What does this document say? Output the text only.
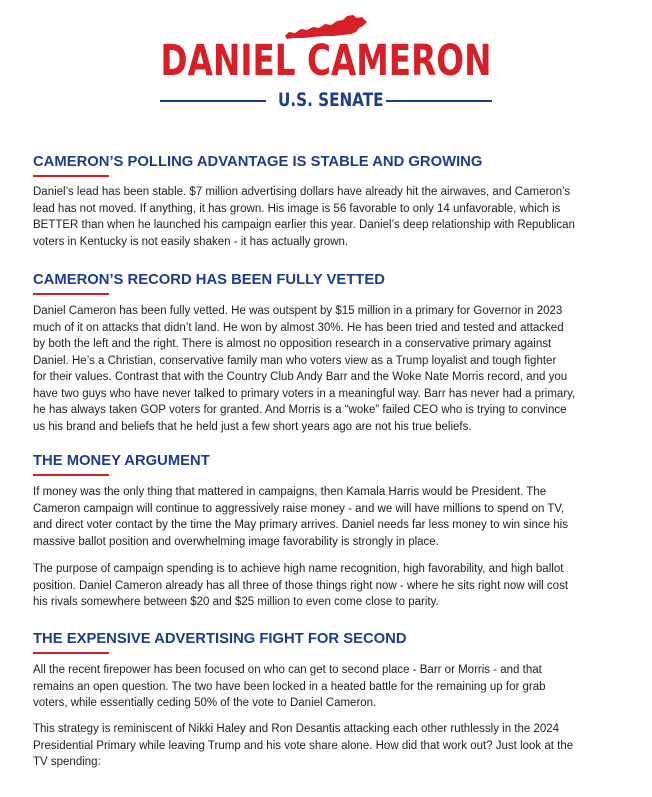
DANIEL CAMERON
U.S. SENATE
CAMERON’S POLLING ADVANTAGE IS STABLE AND GROWING

Daniel’s lead has been stable. $7 million advertising dollars have already hit the airwaves, and Cameron’s
lead has not moved. If anything, it has grown. His image is 56 favorable to only 14 unfavorable, which is
BETTER than when he launched his campaign earlier this year. Daniel’s deep relationship with Republican
voters in Kentucky is not easily shaken - it has actually grown.

CAMERON’S RECORD HAS BEEN FULLY VETTED

Daniel Cameron has been fully vetted. He was outspent by $15 million in a primary for Governor in 2023
much of it on attacks that didn’t land. He won by almost 30%. He has been tried and tested and attacked
by both the left and the right. There is almost no opposition research in a conservative primary against
Daniel. He’s a Christian, conservative family man who voters view as a Trump loyalist and tough fighter
for their values. Contrast that with the Country Club Andy Barr and the Woke Nate Morris record, and you
have two guys who have never talked to primary voters in a meaningful way. Barr has never had a primary,
he has always taken GOP voters for granted. And Morris is a “woke” failed CEO who is trying to convince
us his brand and beliefs that he held just a few short years ago are not his true beliefs.

THE MONEY ARGUMENT

If money was the only thing that mattered in campaigns, then Kamala Harris would be President. The
Cameron campaign will continue to aggressively raise money - and we will have millions to spend on TV,
and direct voter contact by the time the May primary arrives. Daniel needs far less money to win since his
massive ballot position and overwhelming image favorability is strongly in place.

The purpose of campaign spending is to achieve high name recognition, high favorability, and high ballot
position. Daniel Cameron already has all three of those things right now - where he sits right now will cost
his rivals somewhere between $20 and $25 million to even come close to parity.

THE EXPENSIVE ADVERTISING FIGHT FOR SECOND

All the recent firepower has been focused on who can get to second place - Barr or Morris - and that
remains an open question. The two have been locked in a heated battle for the remaining up for grab
voters, while essentially ceding 50% of the vote to Daniel Cameron.

This strategy is reminiscent of Nikki Haley and Ron Desantis attacking each other ruthlessly in the 2024
Presidential Primary while leaving Trump and his vote share alone. How did that work out? Just look at the
TV spending:
